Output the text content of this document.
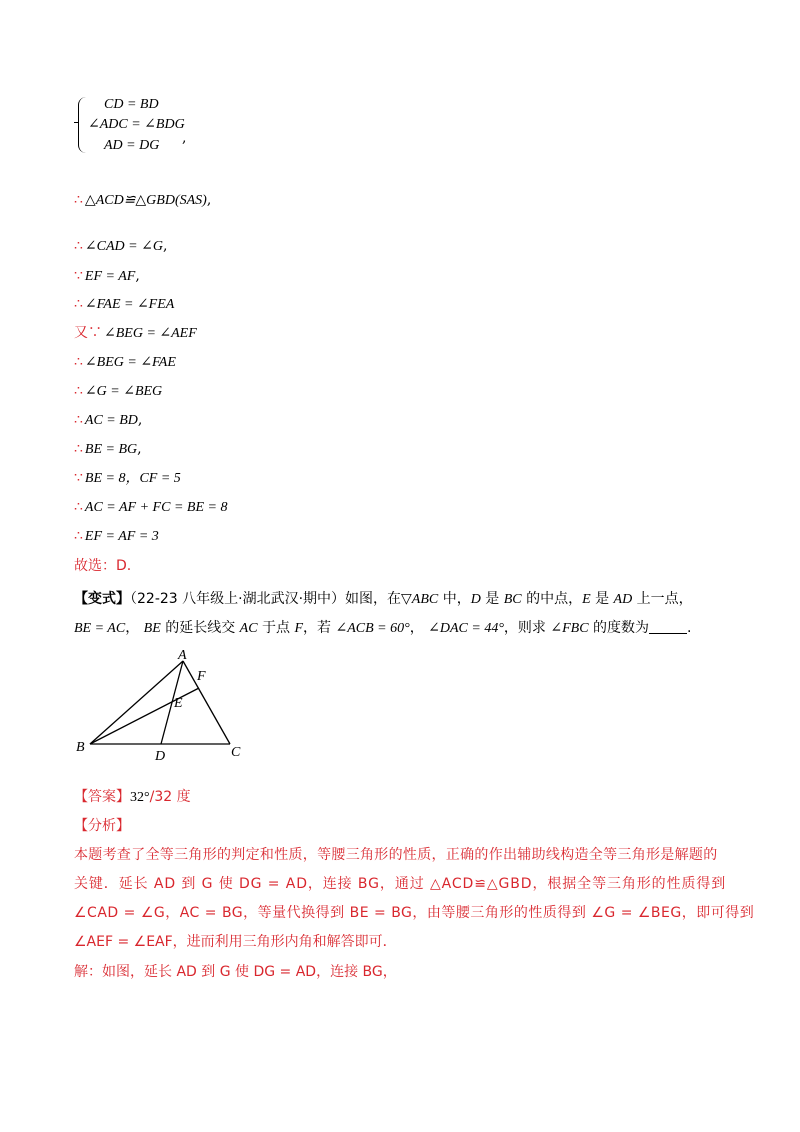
CD = BD
∠ADC = ∠BDG
AD = DG ,
∴ △ACD≌△GBD(SAS),
∴ ∠CAD = ∠G,
∵ EF = AF,
∴ ∠FAE = ∠FEA
又∵ ∠BEG = ∠AEF
∴ ∠BEG = ∠FAE
∴ ∠G = ∠BEG
∴ AC = BD,
∴ BE = BG,
∵ BE = 8，CF = 5
∴ AC = AF + FC = BE = 8
∴ EF = AF = 3
故选：D.
【变式】（22-23 八年级上·湖北武汉·期中）如图，在▽ABC 中，D 是 BC 的中点，E 是 AD 上一点，
BE = AC， BE 的延长线交 AC 于点 F，若 ∠ACB = 60°， ∠DAC = 44°，则求 ∠FBC 的度数为	.
A
B	C
D
E
F
【答案】32°/32 度
【分析】
本题考查了全等三角形的判定和性质，等腰三角形的性质，正确的作出辅助线构造全等三角形是解题的
关键．延长 AD 到 G 使 DG = AD，连接 BG，通过 △ACD≌△GBD，根据全等三角形的性质得到
∠CAD = ∠G，AC = BG，等量代换得到 BE = BG，由等腰三角形的性质得到 ∠G = ∠BEG，即可得到
∠AEF = ∠EAF，进而利用三角形内角和解答即可．
解：如图，延长 AD 到 G 使 DG = AD，连接 BG，
